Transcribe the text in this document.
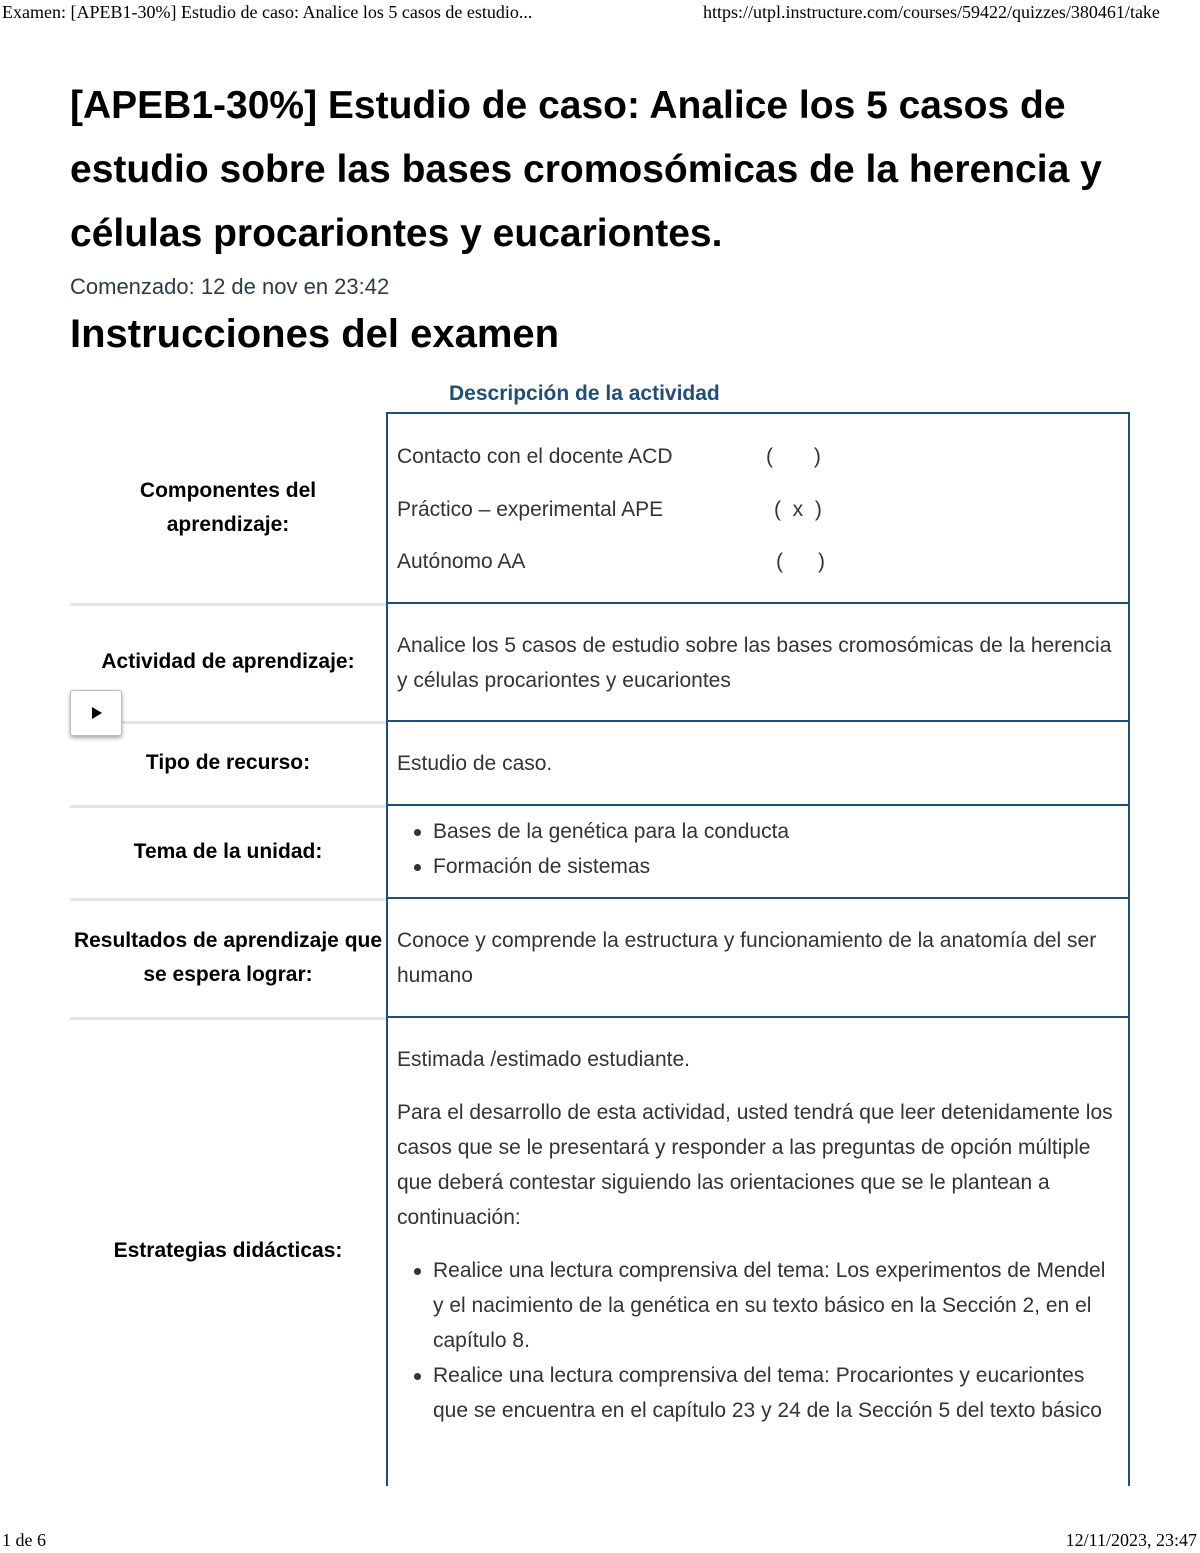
Examen: [APEB1-30%] Estudio de caso: Analice los 5 casos de estudio...	https://utpl.instructure.com/courses/59422/quizzes/380461/take
[APEB1-30%] Estudio de caso: Analice los 5 casos de estudio sobre las bases cromosómicas de la herencia y células procariontes y eucariontes.
Comenzado: 12 de nov en 23:42
Instrucciones del examen
Descripción de la actividad
Componentes del aprendizaje:
Contacto con el docente ACD	(       )
Práctico – experimental APE	(  x  )
Autónomo AA	(      )
Actividad de aprendizaje:

Analice los 5 casos de estudio sobre las bases cromosómicas de la herencia y células procariontes y eucariontes

Tipo de recurso:	Estudio de caso.

Tema de la unidad:
Bases de la genética para la conducta
Formación de sistemas
Resultados de aprendizaje que se espera lograr:

Conoce y comprende la estructura y funcionamiento de la anatomía del ser humano

Estrategias didácticas:

Estimada /estimado estudiante.

Para el desarrollo de esta actividad, usted tendrá que leer detenidamente los casos que se le presentará y responder a las preguntas de opción múltiple que deberá contestar siguiendo las orientaciones que se le plantean a continuación:

Realice una lectura comprensiva del tema: Los experimentos de Mendel y el nacimiento de la genética en su texto básico en la Sección 2, en el capítulo 8.
Realice una lectura comprensiva del tema: Procariontes y eucariontes que se encuentra en el capítulo 23 y 24 de la Sección 5 del texto básico
1 de 6	12/11/2023, 23:47
